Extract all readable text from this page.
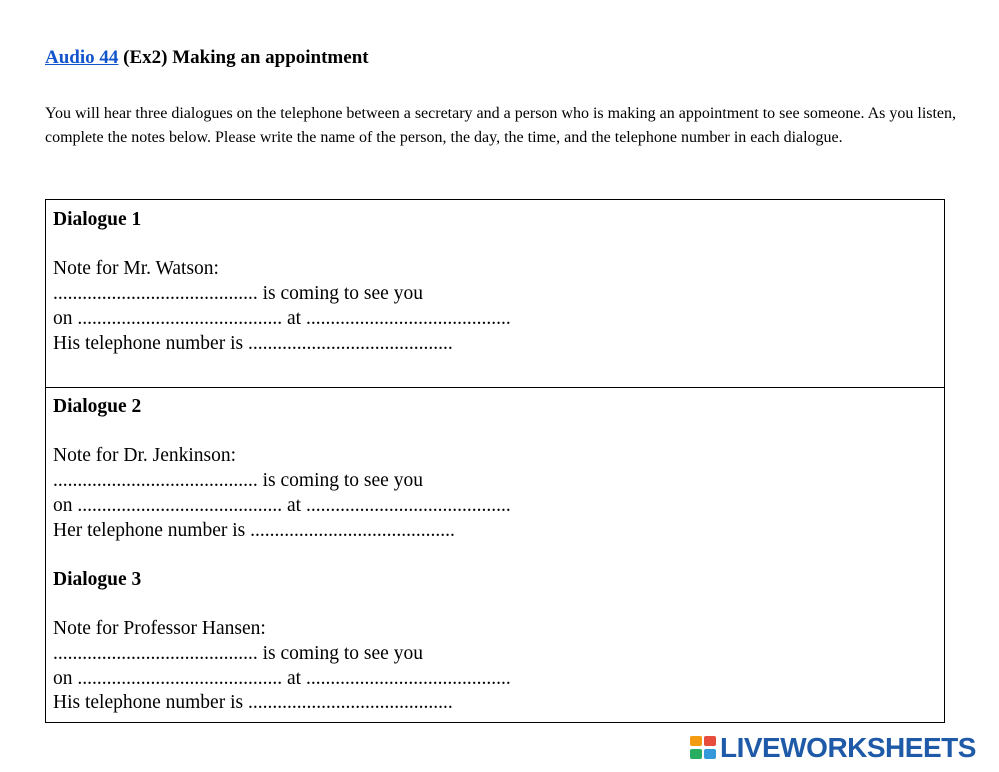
Audio 44 (Ex2) Making an appointment
You will hear three dialogues on the telephone between a secretary and a person who is making an appointment to see someone. As you listen, complete the notes below. Please write the name of the person, the day, the time, and the telephone number in each dialogue.
Dialogue 1
Note for Mr. Watson:
.......................................... is coming to see you
on .......................................... at ..........................................
His telephone number is ..........................................
Dialogue 2
Note for Dr. Jenkinson:
.......................................... is coming to see you
on .......................................... at ..........................................
Her telephone number is ..........................................
Dialogue 3
Note for Professor Hansen:
.......................................... is coming to see you
on .......................................... at ..........................................
His telephone number is ..........................................
LIVEWORKSHEETS
